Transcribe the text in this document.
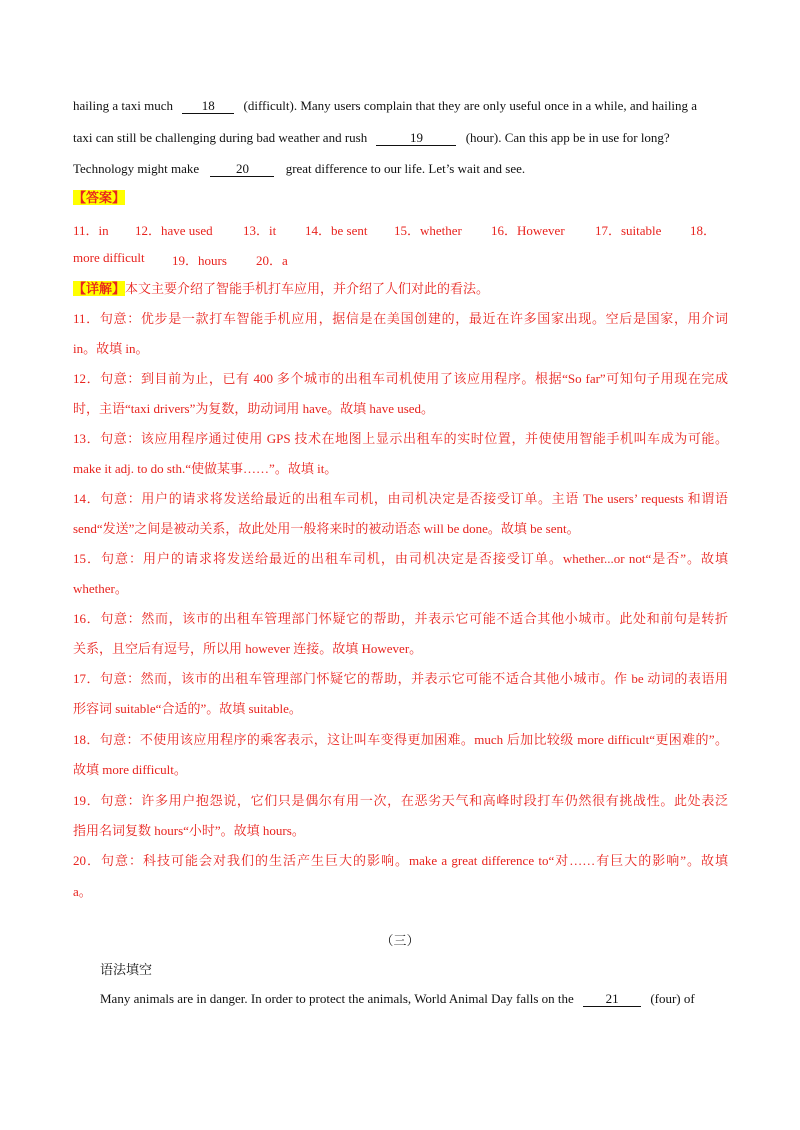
hailing a taxi much 18 (difficult). Many users complain that they are only useful once in a while, and hailing a
taxi can still be challenging during bad weather and rush	19	(hour). Can this app be in use for long?
Technology might make	20	great difference to our life. Let’s wait and see.
【答案】
11．in 12．have used 13．it 14．be sent 15．whether 16．However 17．suitable 18．
more difficult 19．hours 20．a
【详解】本文主要介绍了智能手机打车应用，并介绍了人们对此的看法。
11．句意：优步是一款打车智能手机应用，据信是在美国创建的，最近在许多国家出现。空后是国家，用介词
in。故填 in。
12．句意：到目前为止，已有 400 多个城市的出租车司机使用了该应用程序。根据“So far”可知句子用现在完成
时，主语“taxi drivers”为复数，助动词用 have。故填 have used。
13．句意：该应用程序通过使用 GPS 技术在地图上显示出租车的实时位置，并使使用智能手机叫车成为可能。
make it adj. to do sth.“使做某事……”。故填 it。
14．句意：用户的请求将发送给最近的出租车司机，由司机决定是否接受订单。主语 The users’ requests 和谓语
send“发送”之间是被动关系，故此处用一般将来时的被动语态 will be done。故填 be sent。
15．句意：用户的请求将发送给最近的出租车司机，由司机决定是否接受订单。whether...or not“是否”。故填
whether。
16．句意：然而，该市的出租车管理部门怀疑它的帮助，并表示它可能不适合其他小城市。此处和前句是转折
关系，且空后有逗号，所以用 however 连接。故填 However。
17．句意：然而，该市的出租车管理部门怀疑它的帮助，并表示它可能不适合其他小城市。作 be 动词的表语用
形容词 suitable“合适的”。故填 suitable。
18．句意：不使用该应用程序的乘客表示，这让叫车变得更加困难。much 后加比较级 more difficult“更困难的”。
故填 more difficult。
19．句意：许多用户抱怨说，它们只是偶尔有用一次，在恶劣天气和高峰时段打车仍然很有挑战性。此处表泛
指用名词复数 hours“小时”。故填 hours。
20．句意：科技可能会对我们的生活产生巨大的影响。make a great difference to“对……有巨大的影响”。故填
a。
（三）
语法填空
Many animals are in danger. In order to protect the animals, World Animal Day falls on the 21 (four) of
